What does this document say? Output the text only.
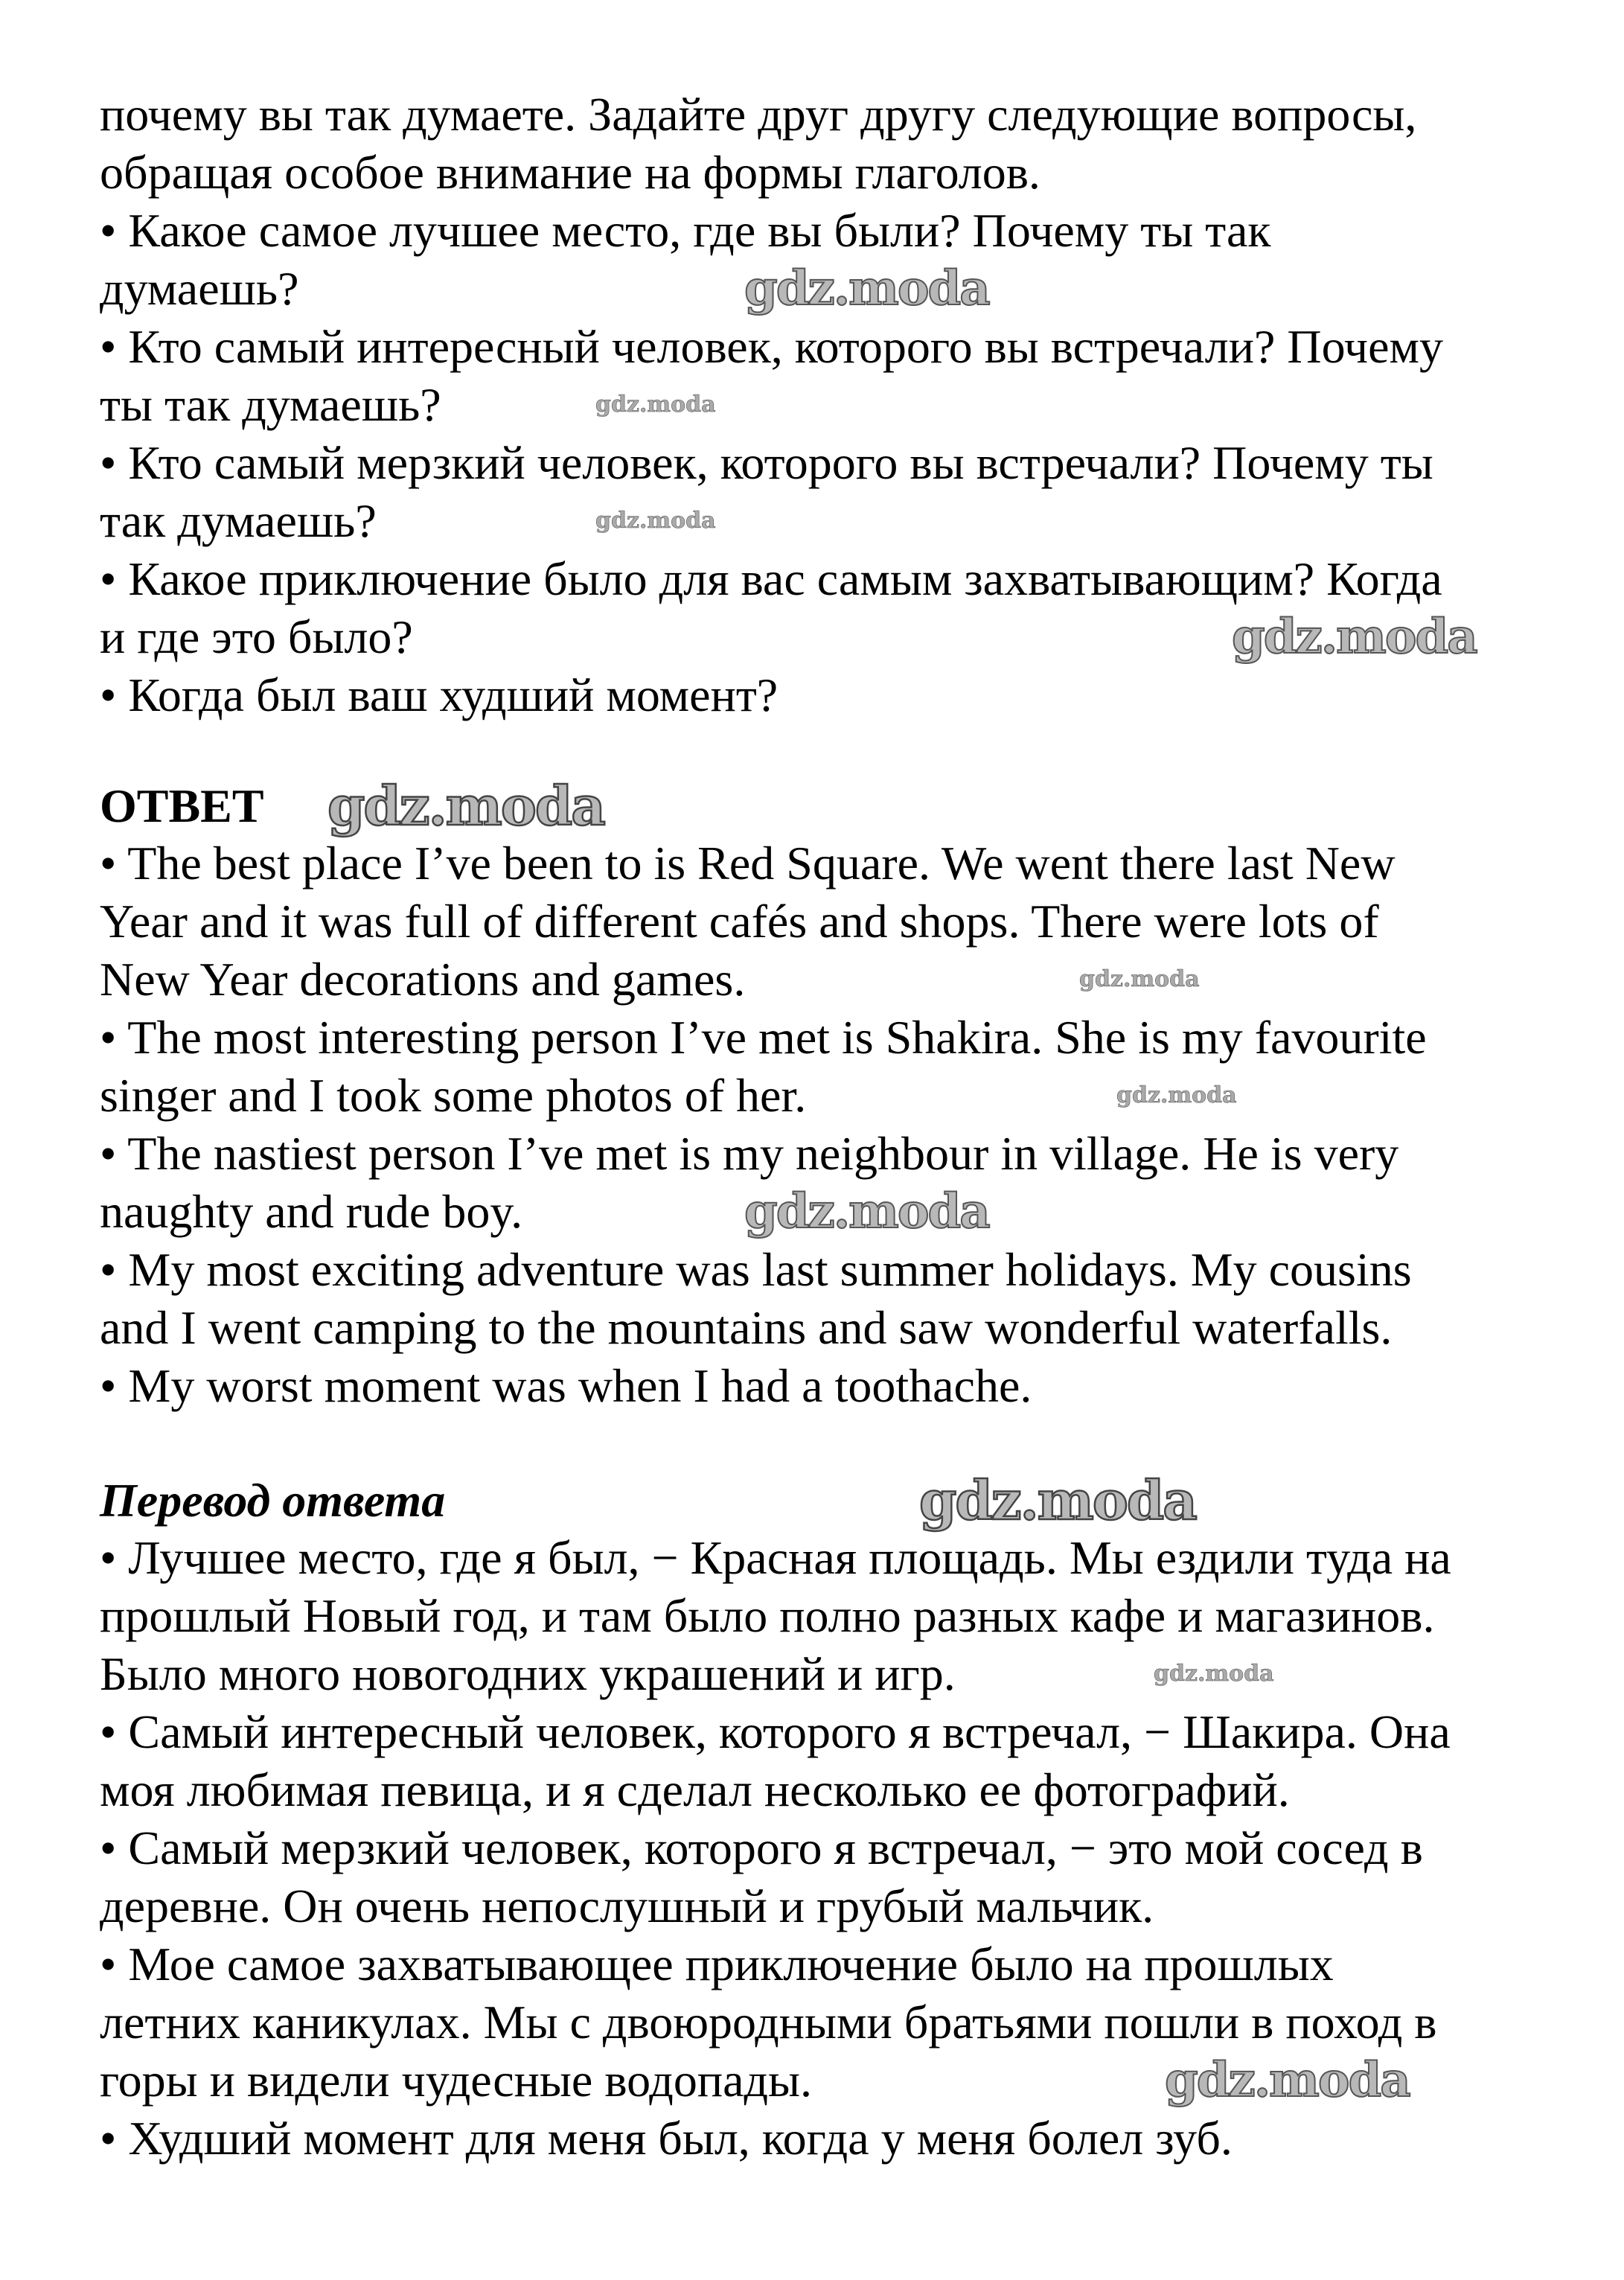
почему вы так думаете. Задайте друг другу следующие вопросы,
обращая особое внимание на формы глаголов.
• Какое самое лучшее место, где вы были? Почему ты так
думаешь?
• Кто самый интересный человек, которого вы встречали? Почему
ты так думаешь?
• Кто самый мерзкий человек, которого вы встречали? Почему ты
так думаешь?
• Какое приключение было для вас самым захватывающим? Когда
и где это было?
• Когда был ваш худший момент?
ОТВЕТ
• The best place I’ve been to is Red Square. We went there last New
Year and it was full of different cafés and shops. There were lots of
New Year decorations and games.
• The most interesting person I’ve met is Shakira. She is my favourite
singer and I took some photos of her.
• The nastiest person I’ve met is my neighbour in village. He is very
naughty and rude boy.
• My most exciting adventure was last summer holidays. My cousins
and I went camping to the mountains and saw wonderful waterfalls.
• My worst moment was when I had a toothache.
Перевод ответа
• Лучшее место, где я был, − Красная площадь. Мы ездили туда на
прошлый Новый год, и там было полно разных кафе и магазинов.
Было много новогодних украшений и игр.
• Самый интересный человек, которого я встречал, − Шакира. Она
моя любимая певица, и я сделал несколько ее фотографий.
• Самый мерзкий человек, которого я встречал, − это мой сосед в
деревне. Он очень непослушный и грубый мальчик.
• Мое самое захватывающее приключение было на прошлых
летних каникулах. Мы с двоюродными братьями пошли в поход в
горы и видели чудесные водопады.
• Худший момент для меня был, когда у меня болел зуб.
gdz.moda
gdz.moda
gdz.moda
gdz.moda
gdz.moda
gdz.moda
gdz.moda
gdz.moda
gdz.moda
gdz.moda
gdz.moda
